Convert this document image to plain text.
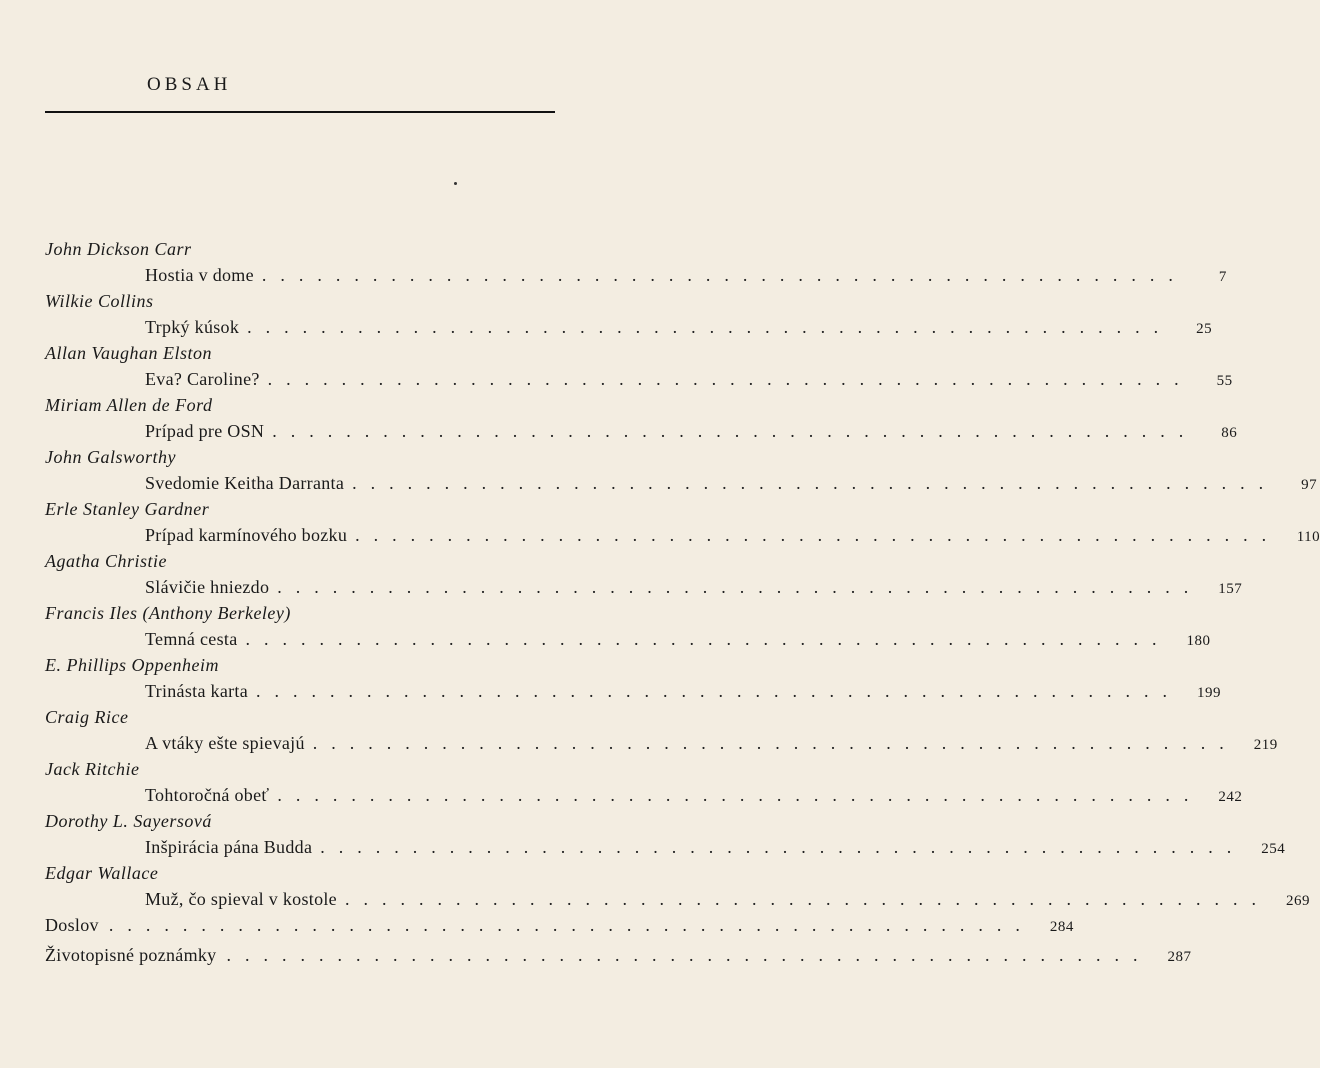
OBSAH
John Dickson Carr
Hostia v dome ..................................................	7
Wilkie Collins
Trpký kúsok ..................................................	25
Allan Vaughan Elston
Eva? Caroline? ..................................................	55
Miriam Allen de Ford
Prípad pre OSN ..................................................	86
John Galsworthy
Svedomie Keitha Darranta ..................................................	97
Erle Stanley Gardner
Prípad karmínového bozku ..................................................	110
Agatha Christie
Slávičie hniezdo ..................................................	157
Francis Iles (Anthony Berkeley)
Temná cesta ..................................................	180
E. Phillips Oppenheim
Trinásta karta ..................................................	199
Craig Rice
A vtáky ešte spievajú ..................................................	219
Jack Ritchie
Tohtoročná obeť ..................................................	242
Dorothy L. Sayersová
Inšpirácia pána Budda ..................................................	254
Edgar Wallace
Muž, čo spieval v kostole ..................................................	269
Doslov ..................................................	284
Životopisné poznámky ..................................................	287
